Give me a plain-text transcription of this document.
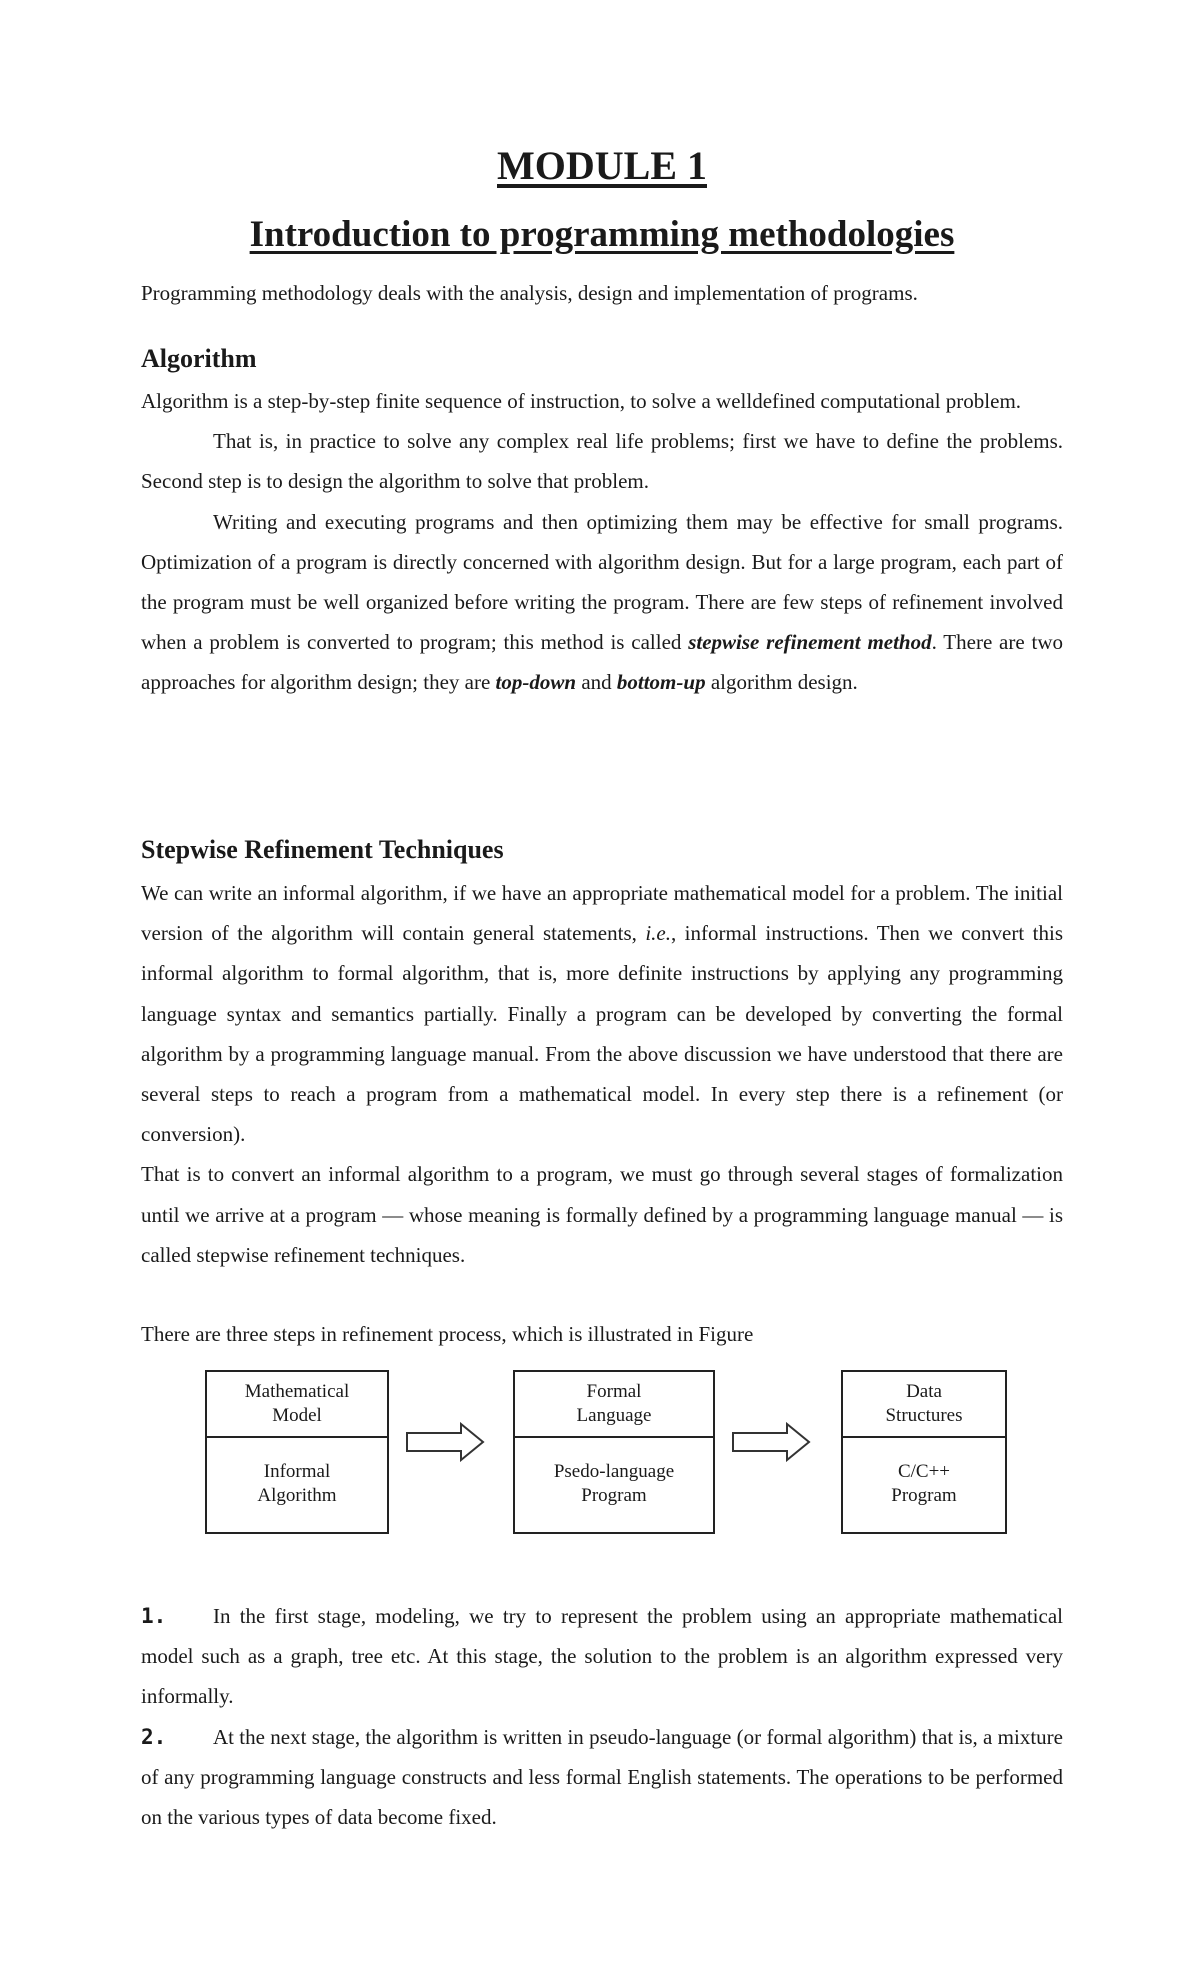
MODULE 1
Introduction to programming methodologies

Programming methodology deals with the analysis, design and implementation of programs.

Algorithm

Algorithm is a step-by-step finite sequence of instruction, to solve a welldefined computational problem.

That is, in practice to solve any complex real life problems; first we have to define the problems. Second step is to design the algorithm to solve that problem.

Writing and executing programs and then optimizing them may be effective for small programs. Optimization of a program is directly concerned with algorithm design. But for a large program, each part of the program must be well organized before writing the program. There are few steps of refinement involved when a problem is converted to program; this method is called stepwise refinement method. There are two approaches for algorithm design; they are top-down and bottom-up algorithm design.

Stepwise Refinement Techniques

We can write an informal algorithm, if we have an appropriate mathematical model for a problem. The initial version of the algorithm will contain general statements, i.e., informal instructions. Then we convert this informal algorithm to formal algorithm, that is, more definite instructions by applying any programming language syntax and semantics partially. Finally a program can be developed by converting the formal algorithm by a programming language manual. From the above discussion we have understood that there are several steps to reach a program from a mathematical model. In every step there is a refinement (or conversion).

That is to convert an informal algorithm to a program, we must go through several stages of formalization until we arrive at a program — whose meaning is formally defined by a programming language manual — is called stepwise refinement techniques.

There are three steps in refinement process, which is illustrated in Figure

Mathematical
Model
Informal
Algorithm
Formal
Language
Psedo-language
Program
Data
Structures
C/C++
Program

1. In the first stage, modeling, we try to represent the problem using an appropriate mathematical model such as a graph, tree etc. At this stage, the solution to the problem is an algorithm expressed very informally.

2. At the next stage, the algorithm is written in pseudo-language (or formal algorithm) that is, a mixture of any programming language constructs and less formal English statements. The operations to be performed on the various types of data become fixed.
